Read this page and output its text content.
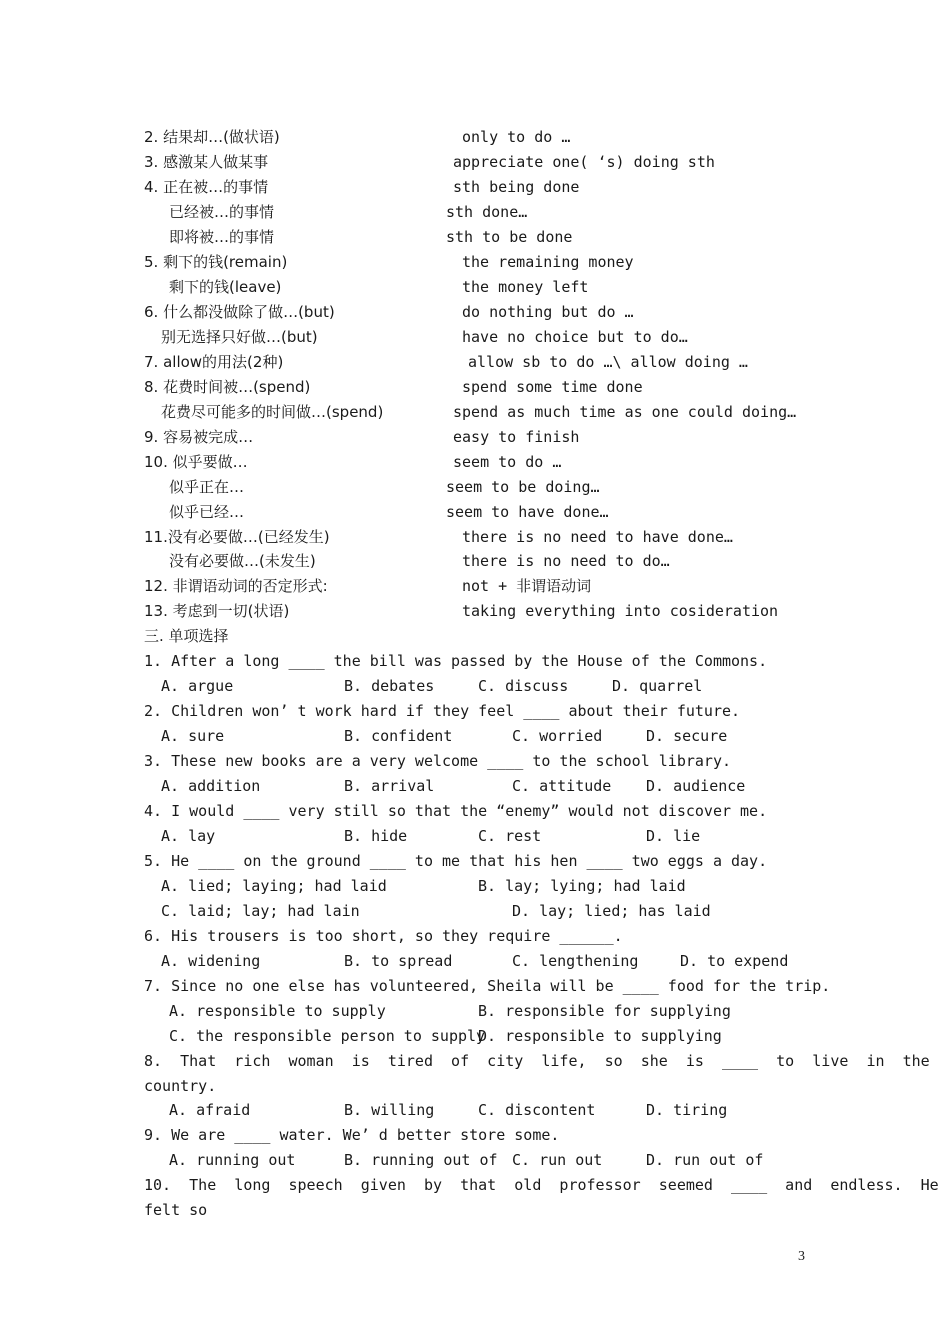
2. 结果却…(做状语)	only to do …
3. 感激某人做某事	appreciate one( ‘s) doing sth
4. 正在被…的事情	sth being done
已经被…的事情	sth done…
即将被…的事情	sth to be done
5. 剩下的钱(remain)	the remaining money
剩下的钱(leave)	the money left
6. 什么都没做除了做…(but)	do nothing but do …
别无选择只好做…(but)	have no choice but to do…
7. allow的用法(2种)	allow sb to do …\ allow doing …
8. 花费时间被…(spend)	spend some time done
花费尽可能多的时间做…(spend)	spend as much time as one could doing…
9. 容易被完成…	easy to finish
10. 似乎要做…	seem to do …
似乎正在…	seem to be doing…
似乎已经…	seem to have done…
11.没有必要做…(已经发生)	there is no need to have done…
没有必要做…(未发生)	there is no need to do…
12. 非谓语动词的否定形式:	not + 非谓语动词
13. 考虑到一切(状语)	taking everything into cosideration
三. 单项选择
1. After a long ____ the bill was passed by the House of the Commons.
A. argue	B. debates	C. discuss	D. quarrel
2. Children won’ t work hard if they feel ____ about their future.
A. sure	B. confident	C. worried	D. secure
3. These new books are a very welcome ____ to the school library.
A. addition	B. arrival	C. attitude D. audience
4. I would ____ very still so that the “enemy” would not discover me.
A. lay	B. hide	C. rest	D. lie
5. He ____ on the ground ____ to me that his hen ____ two eggs a day.
A. lied; laying; had laid	B. lay; lying; had laid
C. laid; lay; had lain	D. lay; lied; has laid
6. His trousers is too short, so they require ______.
A. widening	B. to spread	C. lengthening	D. to expend
7. Since no one else has volunteered, Sheila will be ____ food for the trip.
A. responsible to supply	B. responsible for supplying
C. the responsible person to supply
D. responsible to supplying
8.  That  rich  woman  is  tired  of  city  life,  so  she  is  ____  to  live  in  the
country.
A. afraid	B. willing	C. discontent	D. tiring
9. We are ____ water. We’ d better store some.
A. running out	B. running out of C. run out	D. run out of
10.  The  long  speech  given  by  that  old  professor  seemed  ____  and  endless.  He
felt so
3
